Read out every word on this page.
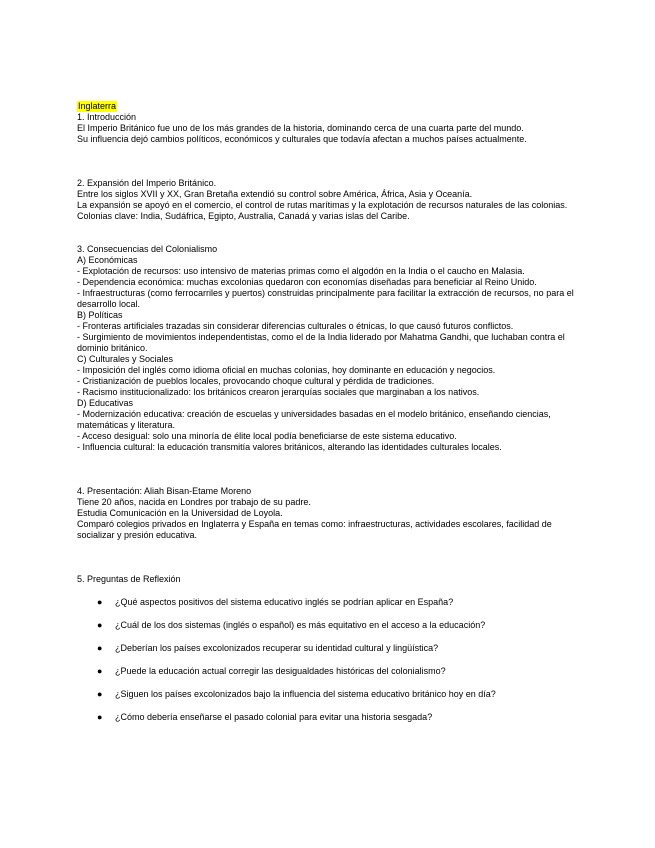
Inglaterra
1. Introducción
El Imperio Británico fue uno de los más grandes de la historia, dominando cerca de una cuarta parte del mundo.
Su influencia dejó cambios políticos, económicos y culturales que todavía afectan a muchos países actualmente.
2. Expansión del Imperio Británico.
Entre los siglos XVII y XX, Gran Bretaña extendió su control sobre América, África, Asia y Oceanía.
La expansión se apoyó en el comercio, el control de rutas marítimas y la explotación de recursos naturales de las colonias.
Colonias clave: India, Sudáfrica, Egipto, Australia, Canadá y varias islas del Caribe.
3. Consecuencias del Colonialismo
A) Económicas
- Explotación de recursos: uso intensivo de materias primas como el algodón en la India o el caucho en Malasia.
- Dependencia económica: muchas excolonias quedaron con economías diseñadas para beneficiar al Reino Unido.
- Infraestructuras (como ferrocarriles y puertos) construidas principalmente para facilitar la extracción de recursos, no para el desarrollo local.
B) Políticas
- Fronteras artificiales trazadas sin considerar diferencias culturales o étnicas, lo que causó futuros conflictos.
- Surgimiento de movimientos independentistas, como el de la India liderado por Mahatma Gandhi, que luchaban contra el dominio británico.
C) Culturales y Sociales
- Imposición del inglés como idioma oficial en muchas colonias, hoy dominante en educación y negocios.
- Cristianización de pueblos locales, provocando choque cultural y pérdida de tradiciones.
- Racismo institucionalizado: los británicos crearon jerarquías sociales que marginaban a los nativos.
D) Educativas
- Modernización educativa: creación de escuelas y universidades basadas en el modelo británico, enseñando ciencias, matemáticas y literatura.
- Acceso desigual: solo una minoría de élite local podía beneficiarse de este sistema educativo.
- Influencia cultural: la educación transmitía valores británicos, alterando las identidades culturales locales.
4. Presentación: Aliah Bisan-Etame Moreno
Tiene 20 años, nacida en Londres por trabajo de su padre.
Estudia Comunicación en la Universidad de Loyola.
Comparó colegios privados en Inglaterra y España en temas como: infraestructuras, actividades escolares, facilidad de socializar y presión educativa.
5. Preguntas de Reflexión
● ¿Qué aspectos positivos del sistema educativo inglés se podrían aplicar en España?
● ¿Cuál de los dos sistemas (inglés o español) es más equitativo en el acceso a la educación?
● ¿Deberían los países excolonizados recuperar su identidad cultural y lingüística?
● ¿Puede la educación actual corregir las desigualdades históricas del colonialismo?
● ¿Siguen los países excolonizados bajo la influencia del sistema educativo británico hoy en día?
● ¿Cómo debería enseñarse el pasado colonial para evitar una historia sesgada?
